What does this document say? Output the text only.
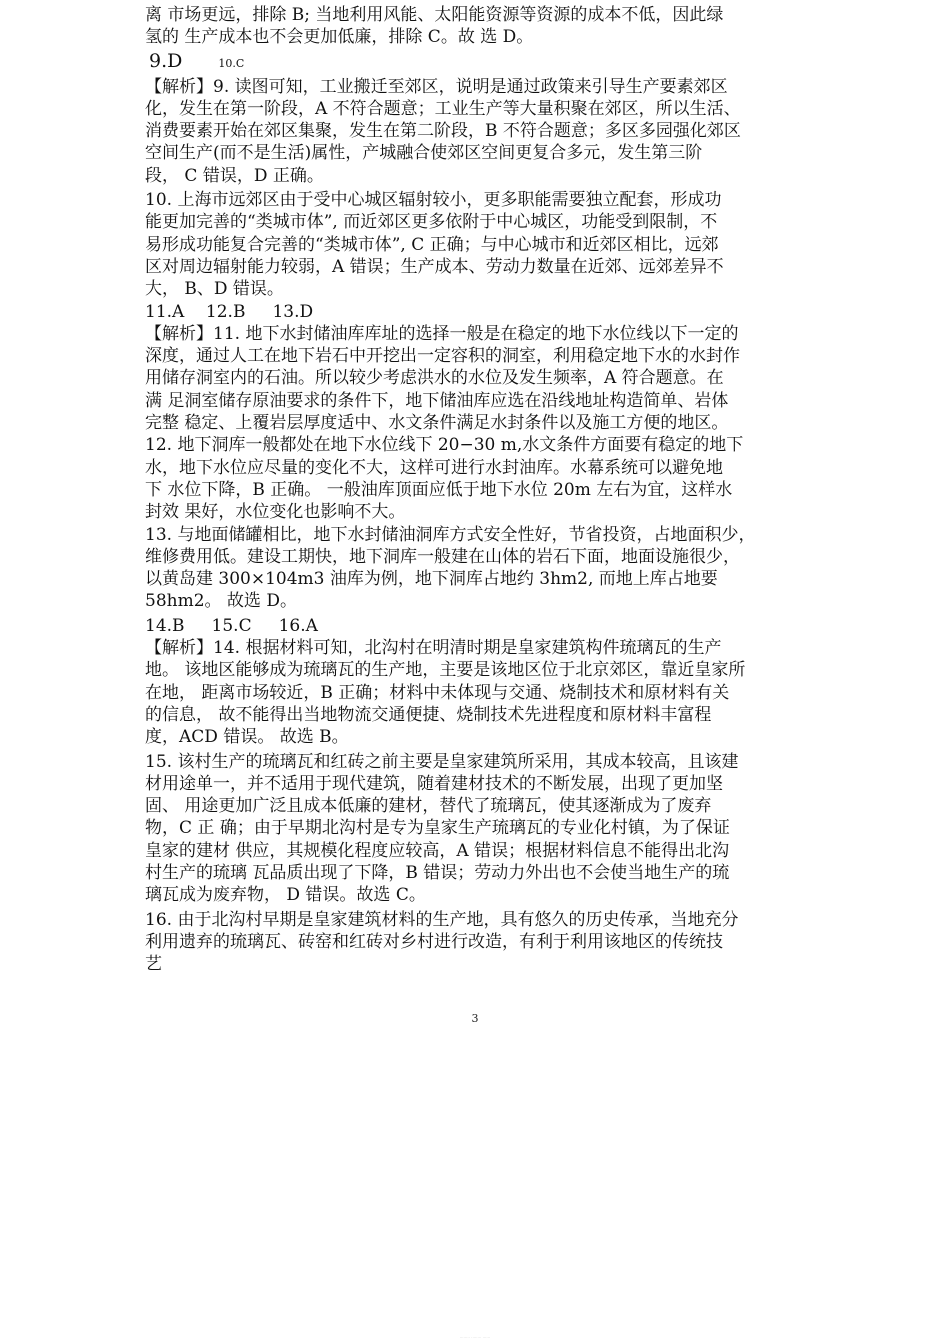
离 市场更远，排除 B; 当地利用风能、太阳能资源等资源的成本不低，因此绿

氢的 生产成本也不会更加低廉，排除 C。故 选 D。

9.D	10.C

【解析】9. 读图可知，工业搬迁至郊区，说明是通过政策来引导生产要素郊区

化，发生在第一阶段，A 不符合题意；工业生产等大量积聚在郊区，所以生活、

消费要素开始在郊区集聚，发生在第二阶段，B 不符合题意；多区多园强化郊区

空间生产(而不是生活)属性，产城融合使郊区空间更复合多元，发生第三阶

段， C 错误，D 正确。

10. 上海市远郊区由于受中心城区辐射较小，更多职能需要独立配套，形成功

能更加完善的“类城市体”, 而近郊区更多依附于中心城区，功能受到限制，不

易形成功能复合完善的“类城市体”, C 正确；与中心城市和近郊区相比，远郊

区对周边辐射能力较弱，A 错误；生产成本、劳动力数量在近郊、远郊差异不

大， B、D 错误。

11.A    12.B     13.D

【解析】11. 地下水封储油库库址的选择一般是在稳定的地下水位线以下一定的

深度，通过人工在地下岩石中开挖出一定容积的洞室，利用稳定地下水的水封作

用储存洞室内的石油。所以较少考虑洪水的水位及发生频率，A 符合题意。在

满 足洞室储存原油要求的条件下，地下储油库应选在沿线地址构造简单、岩体

完整 稳定、上覆岩层厚度适中、水文条件满足水封条件以及施工方便的地区。

12. 地下洞库一般都处在地下水位线下 20−30 m,水文条件方面要有稳定的地下

水，地下水位应尽量的变化不大，这样可进行水封油库。水幕系统可以避免地

下 水位下降，B 正确。 一般油库顶面应低于地下水位 20m 左右为宜，这样水

封效 果好，水位变化也影响不大。

13. 与地面储罐相比，地下水封储油洞库方式安全性好，节省投资，占地面积少，

维修费用低。建设工期快，地下洞库一般建在山体的岩石下面，地面设施很少，

以黄岛建 300×104m3 油库为例，地下洞库占地约 3hm2, 而地上库占地要

58hm2。 故选 D。

14.B     15.C     16.A

【解析】14. 根据材料可知，北沟村在明清时期是皇家建筑构件琉璃瓦的生产

地。 该地区能够成为琉璃瓦的生产地，主要是该地区位于北京郊区，靠近皇家所

在地， 距离市场较近，B 正确；材料中未体现与交通、烧制技术和原材料有关

的信息， 故不能得出当地物流交通便捷、烧制技术先进程度和原材料丰富程

度，ACD 错误。 故选 B。

15. 该村生产的琉璃瓦和红砖之前主要是皇家建筑所采用，其成本较高，且该建

材用途单一，并不适用于现代建筑，随着建材技术的不断发展，出现了更加坚

固、 用途更加广泛且成本低廉的建材，替代了琉璃瓦，使其逐渐成为了废弃

物，C 正 确；由于早期北沟村是专为皇家生产琉璃瓦的专业化村镇，为了保证

皇家的建材 供应，其规模化程度应较高，A 错误；根据材料信息不能得出北沟

村生产的琉璃 瓦品质出现了下降，B 错误；劳动力外出也不会使当地生产的琉

璃瓦成为废弃物， D 错误。故选 C。

16. 由于北沟村早期是皇家建筑材料的生产地，具有悠久的历史传承，当地充分

利用遗弃的琉璃瓦、砖窑和红砖对乡村进行改造，有利于利用该地区的传统技

艺

3
........ ........ ......
